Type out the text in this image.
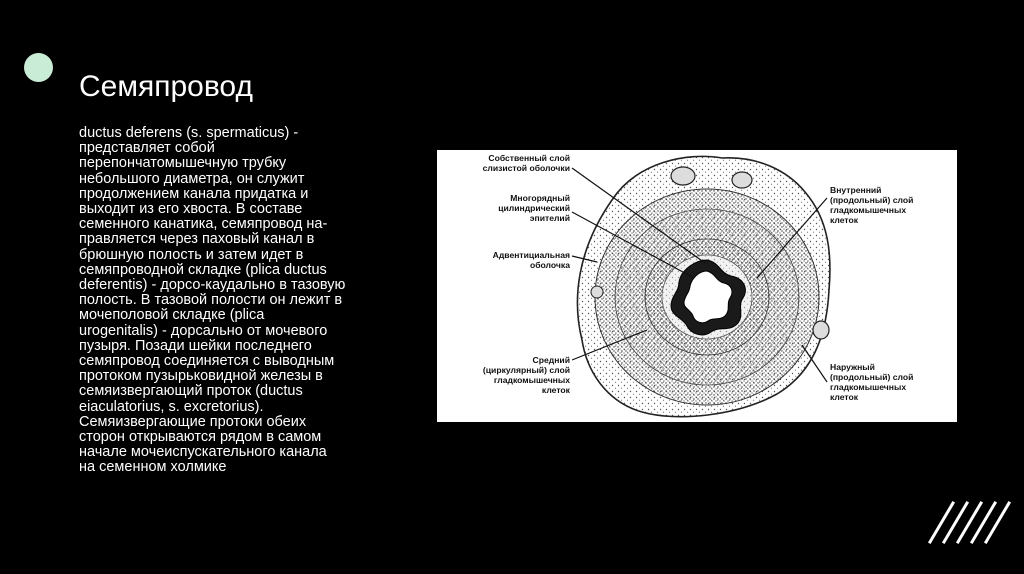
Семяпровод
ductus deferens (s. spermaticus) -
представляет собой
перепончатомышечную трубку
небольшого диаметра, он служит
продолжением канала придатка и
выходит из его хвоста. В составе
семенного канатика, семяпровод на-
правляется через паховый канал в
брюшную полость и затем идет в
семяпроводной складке (plica ductus
deferentis) - дорсо-каудально в тазовую
полость. В тазовой полости он лежит в
мочеполовой складке (plica
urogenitalis) - дорсально от мочевого
пузыря. Позади шейки последнего
семяпровод соединяется с выводным
протоком пузырьковидной железы в
семяизвергающий проток (ductus
eiaculatorius, s. excretorius).
Семяизвергающие протоки обеих
сторон открываются рядом в самом
начале мочеиспускательного канала
на семенном холмике
Собственный слой
слизистой оболочки
Многорядный
цилиндрический
эпителий
Адвентициальная
оболочка
Средний
(циркулярный) слой
гладкомышечных
клеток
Внутренний
(продольный) слой
гладкомышечных
клеток
Наружный
(продольный) слой
гладкомышечных
клеток
